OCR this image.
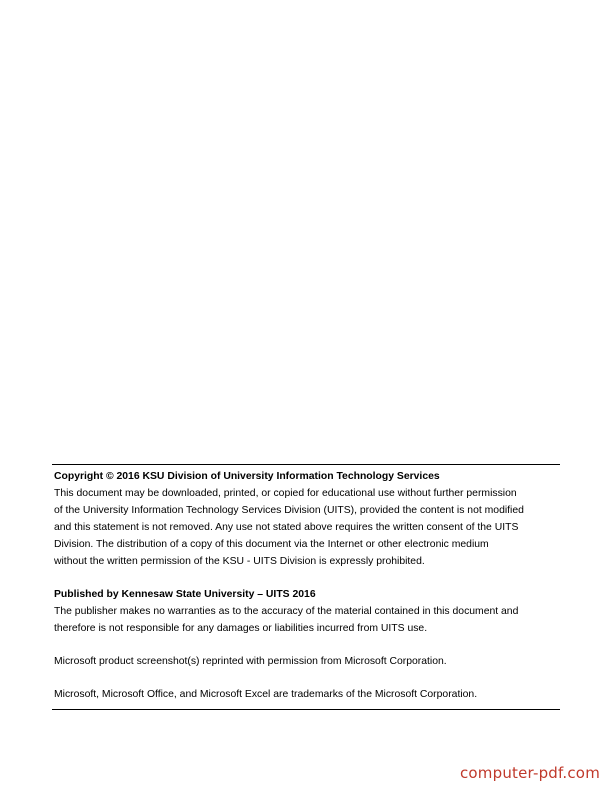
Copyright © 2016 KSU Division of University Information Technology Services

This document may be downloaded, printed, or copied for educational use without further permission

of the University Information Technology Services Division (UITS), provided the content is not modified

and this statement is not removed. Any use not stated above requires the written consent of the UITS

Division. The distribution of a copy of this document via the Internet or other electronic medium

without the written permission of the KSU - UITS Division is expressly prohibited.

Published by Kennesaw State University – UITS 2016

The publisher makes no warranties as to the accuracy of the material contained in this document and

therefore is not responsible for any damages or liabilities incurred from UITS use.

Microsoft product screenshot(s) reprinted with permission from Microsoft Corporation.

Microsoft, Microsoft Office, and Microsoft Excel are trademarks of the Microsoft Corporation.

computer-pdf.com
